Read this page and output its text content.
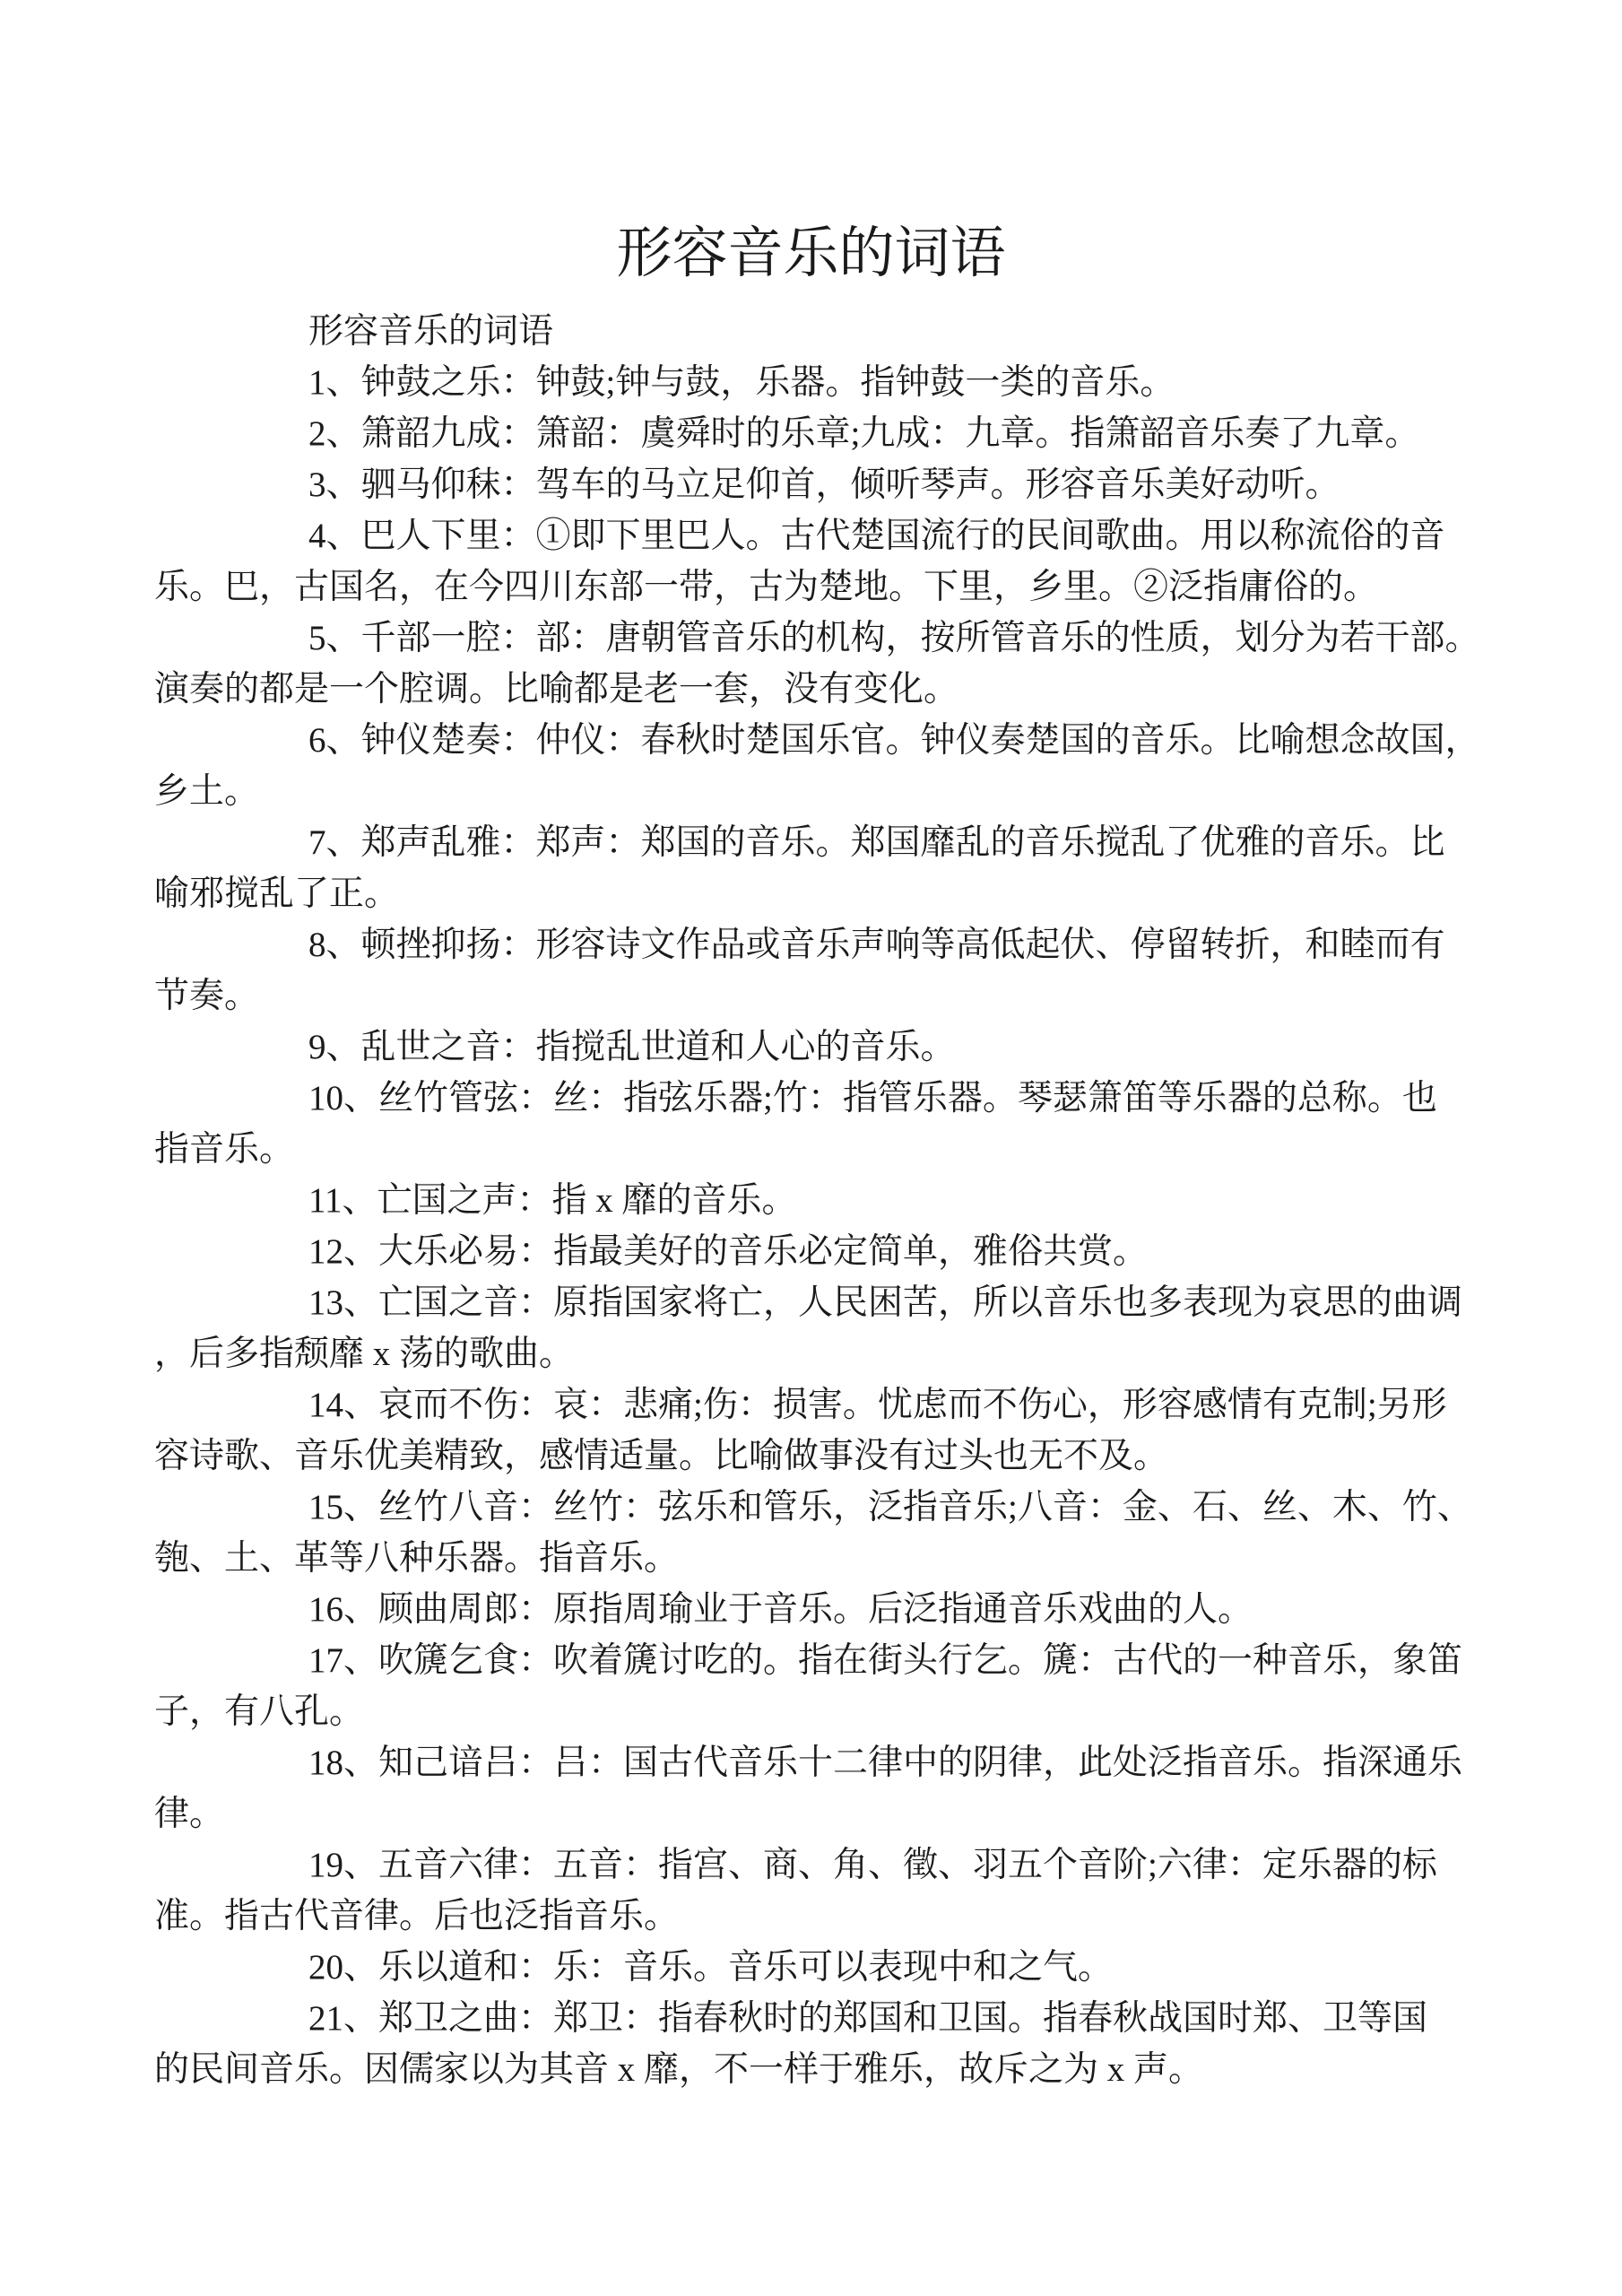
形容音乐的词语

形容音乐的词语

1、钟鼓之乐：钟鼓;钟与鼓，乐器。指钟鼓一类的音乐。

2、箫韶九成：箫韶：虞舜时的乐章;九成：九章。指箫韶音乐奏了九章。

3、驷马仰秣：驾车的马立足仰首，倾听琴声。形容音乐美好动听。

4、巴人下里：①即下里巴人。古代楚国流行的民间歌曲。用以称流俗的音
乐。巴，古国名，在今四川东部一带，古为楚地。下里，乡里。②泛指庸俗的。

5、千部一腔：部：唐朝管音乐的机构，按所管音乐的性质，划分为若干部。
演奏的都是一个腔调。比喻都是老一套，没有变化。

6、钟仪楚奏：仲仪：春秋时楚国乐官。钟仪奏楚国的音乐。比喻想念故国，
乡土。

7、郑声乱雅：郑声：郑国的音乐。郑国靡乱的音乐搅乱了优雅的音乐。比
喻邪搅乱了正。

8、顿挫抑扬：形容诗文作品或音乐声响等高低起伏、停留转折，和睦而有
节奏。

9、乱世之音：指搅乱世道和人心的音乐。

10、丝竹管弦：丝：指弦乐器;竹：指管乐器。琴瑟箫笛等乐器的总称。也
指音乐。

11、亡国之声：指 x 靡的音乐。

12、大乐必易：指最美好的音乐必定简单，雅俗共赏。

13、亡国之音：原指国家将亡，人民困苦，所以音乐也多表现为哀思的曲调
，后多指颓靡 x 荡的歌曲。

14、哀而不伤：哀：悲痛;伤：损害。忧虑而不伤心，形容感情有克制;另形
容诗歌、音乐优美精致，感情适量。比喻做事没有过头也无不及。

15、丝竹八音：丝竹：弦乐和管乐，泛指音乐;八音：金、石、丝、木、竹、
匏、土、革等八种乐器。指音乐。

16、顾曲周郎：原指周瑜业于音乐。后泛指通音乐戏曲的人。

17、吹篪乞食：吹着篪讨吃的。指在街头行乞。篪：古代的一种音乐，象笛
子，有八孔。

18、知己谙吕：吕：国古代音乐十二律中的阴律，此处泛指音乐。指深通乐
律。

19、五音六律：五音：指宫、商、角、徵、羽五个音阶;六律：定乐器的标
准。指古代音律。后也泛指音乐。

20、乐以道和：乐：音乐。音乐可以表现中和之气。

21、郑卫之曲：郑卫：指春秋时的郑国和卫国。指春秋战国时郑、卫等国
的民间音乐。因儒家以为其音 x 靡，不一样于雅乐，故斥之为 x 声。
